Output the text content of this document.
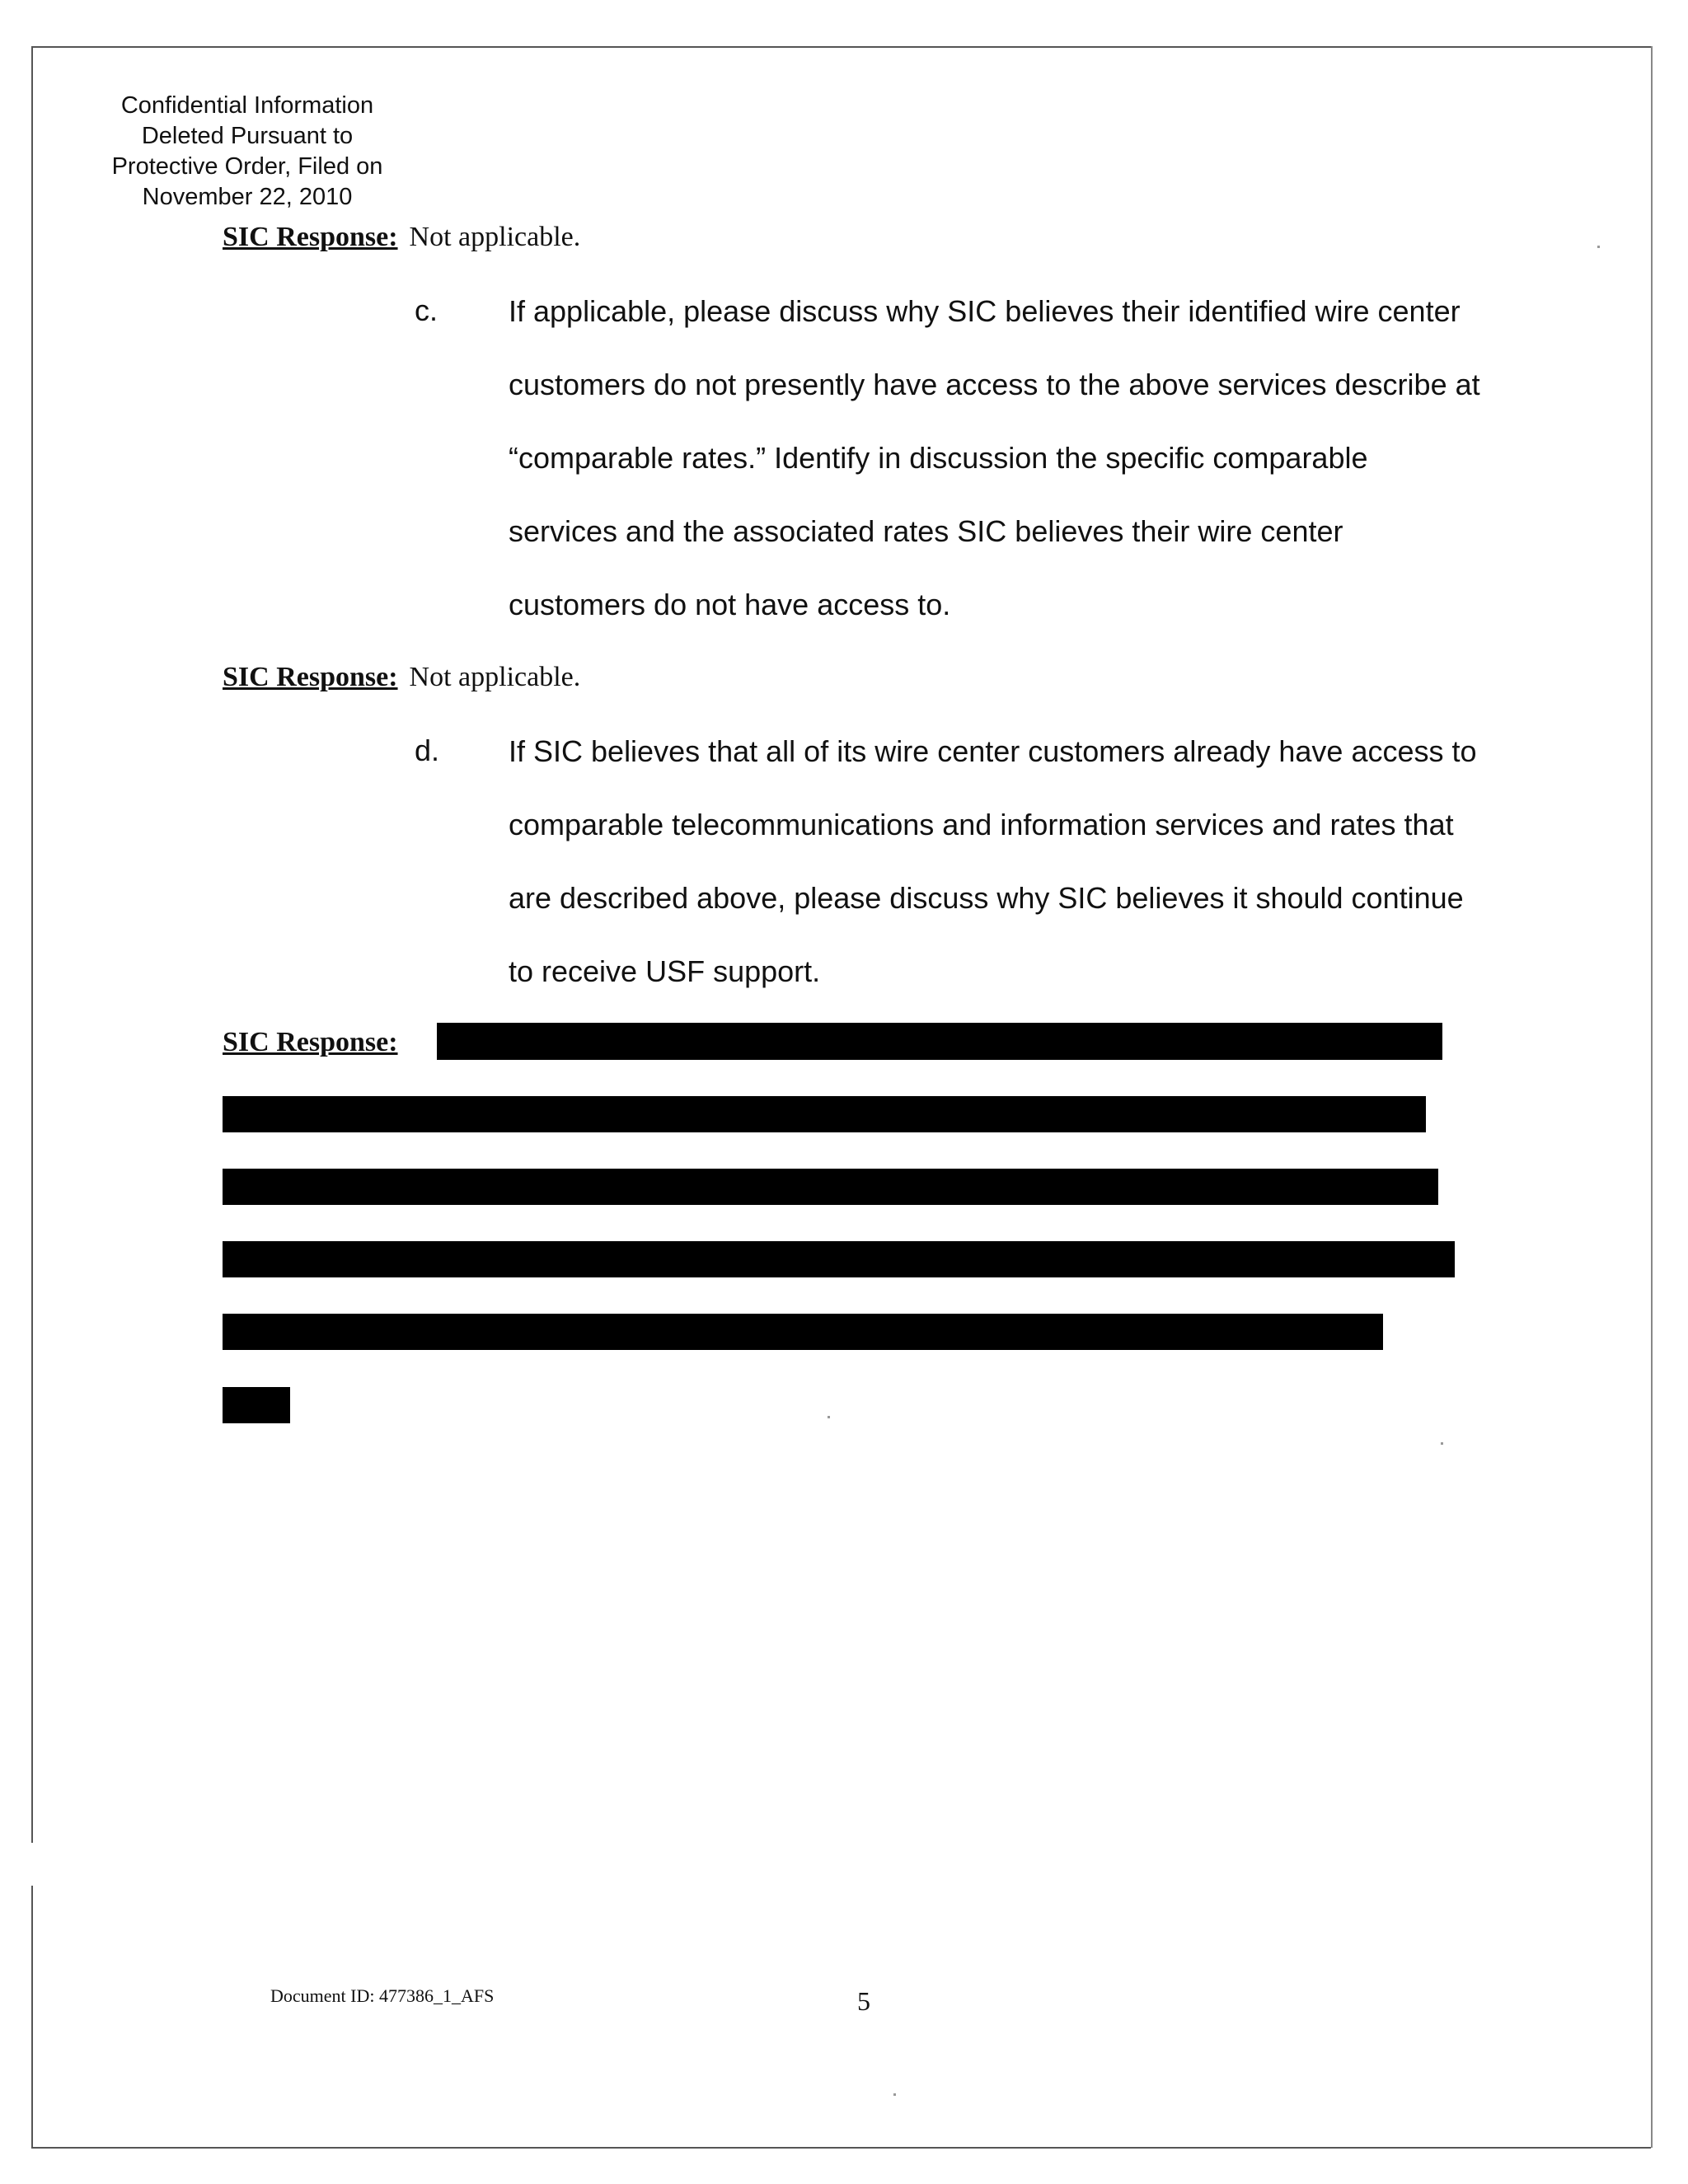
Confidential Information
Deleted Pursuant to
Protective Order, Filed on
November 22, 2010
SIC Response: Not applicable.
c. If applicable, please discuss why SIC believes their identified wire center customers do not presently have access to the above services describe at “comparable rates.” Identify in discussion the specific comparable services and the associated rates SIC believes their wire center customers do not have access to.
SIC Response: Not applicable.
d. If SIC believes that all of its wire center customers already have access to comparable telecommunications and information services and rates that are described above, please discuss why SIC believes it should continue to receive USF support.
SIC Response:
Document ID: 477386_1_AFS	5
